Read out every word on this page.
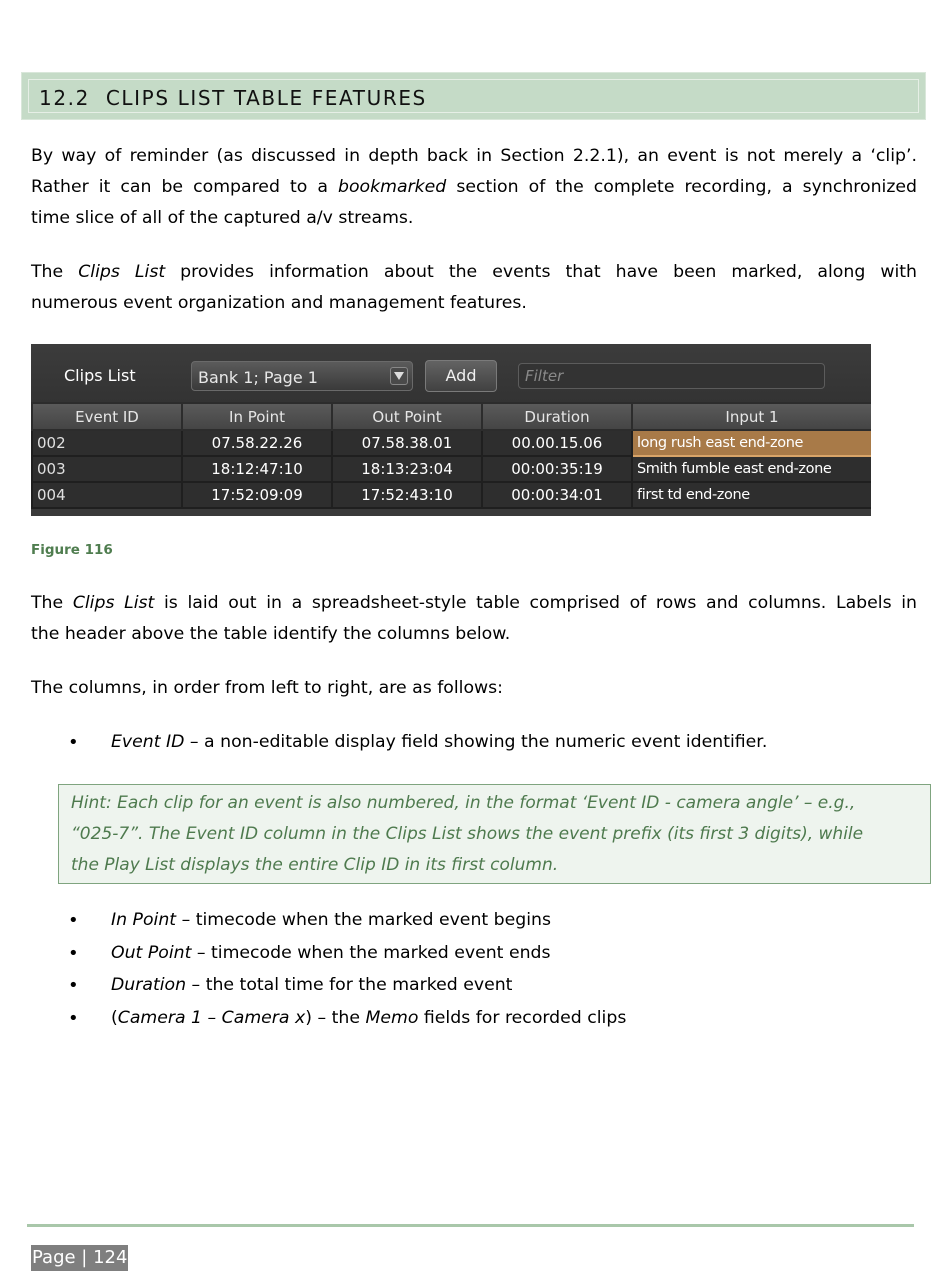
12.2 CLIPS LIST TABLE FEATURES
By way of reminder (as discussed in depth back in Section 2.2.1), an event is not merely a ‘clip’.
Rather it can be compared to a bookmarked section of the complete recording, a synchronized
time slice of all of the captured a/v streams.
The Clips List provides information about the events that have been marked, along with
numerous event organization and management features.
Clips List	Bank 1; Page 1	Add	Filter
Event ID	In Point	Out Point	Duration	Input 1
002	07.58.22.26	07.58.38.01	00.00.15.06	long rush east end-zone
003	18:12:47:10	18:13:23:04	00:00:35:19	Smith fumble east end-zone
004	17:52:09:09	17:52:43:10	00:00:34:01	first td end-zone
Figure 116
The Clips List is laid out in a spreadsheet-style table comprised of rows and columns. Labels in
the header above the table identify the columns below.
The columns, in order from left to right, are as follows:
•	Event ID – a non-editable display field showing the numeric event identifier.
Hint: Each clip for an event is also numbered, in the format ‘Event ID - camera angle’ – e.g.,
“025-7”. The Event ID column in the Clips List shows the event prefix (its first 3 digits), while
the Play List displays the entire Clip ID in its first column.
•	In Point – timecode when the marked event begins
•	Out Point – timecode when the marked event ends
•	Duration – the total time for the marked event
•	(Camera 1 – Camera x) – the Memo fields for recorded clips
Page | 124
